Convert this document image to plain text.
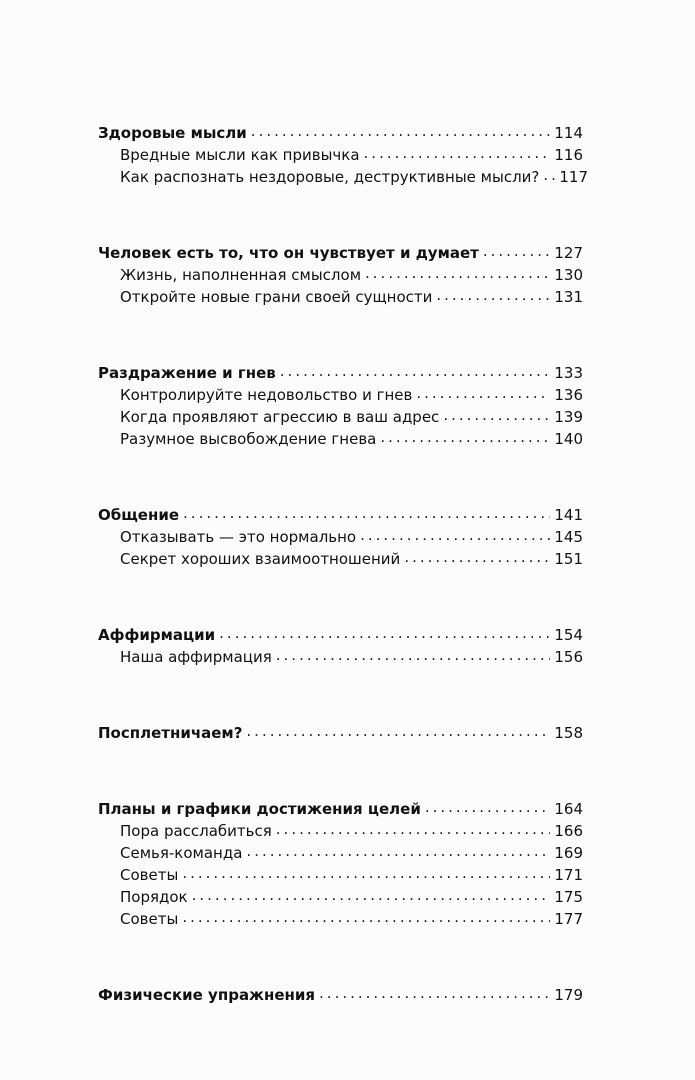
Здоровые мысли .....	114
Вредные мысли как привычка .....	116
Как распознать нездоровые, деструктивные мысли? ..... 117
Человек есть то, что он чувствует и думает .....	127
Жизнь, наполненная смыслом .....	130
Откройте новые грани своей сущности .....	131
Раздражение и гнев .....	133
Контролируйте недовольство и гнев .....	136
Когда проявляют агрессию в ваш адрес .....	139
Разумное высвобождение гнева .....	140
Общение .....	141
Отказывать — это нормально .....	145
Секрет хороших взаимоотношений .....	151
Аффирмации .....	154
Наша аффирмация .....	156
Посплетничаем? .....	158
Планы и графики достижения целей .....	164
Пора расслабиться .....	166
Семья-команда .....	169
Советы .....	171
Порядок .....	175
Советы .....	177
Физические упражнения .....	179
